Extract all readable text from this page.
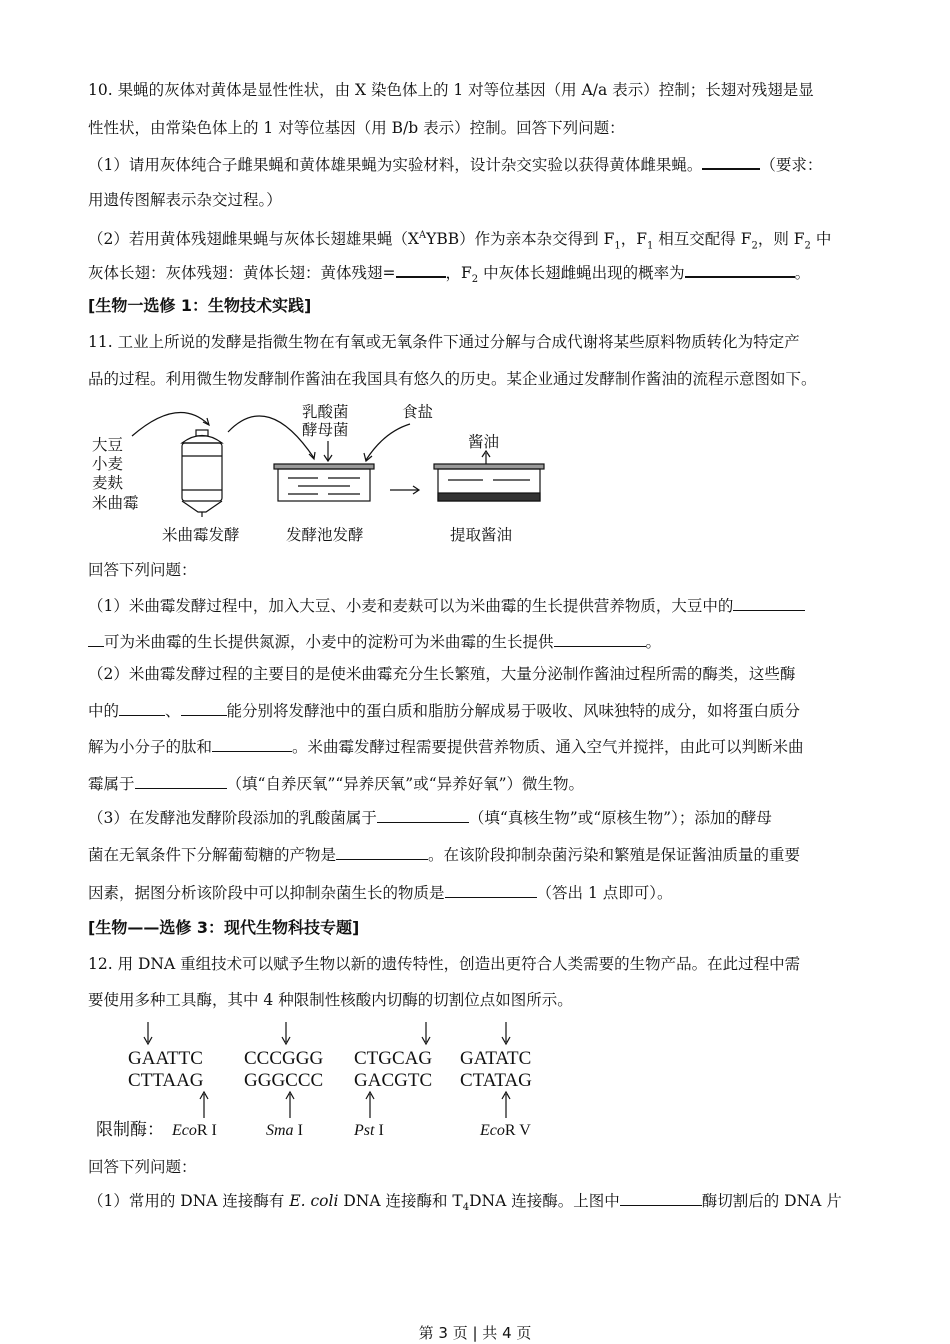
10. 果蝇的灰体对黄体是显性性状，由 X 染色体上的 1 对等位基因（用 A/a 表示）控制；长翅对残翅是显
性性状，由常染色体上的 1 对等位基因（用 B/b 表示）控制。回答下列问题：
（1）请用灰体纯合子雌果蝇和黄体雄果蝇为实验材料，设计杂交实验以获得黄体雌果蝇。	（要求：
用遗传图解表示杂交过程。）
（2）若用黄体残翅雌果蝇与灰体长翅雄果蝇$(X^AYBB)$作为亲本杂交得到 $F_1$，$F_1$ 相互交配得 $F_2$，则 $F_2$ 中
灰体长翅：灰体残翅：黄体长翅：黄体残翅=	，$F_2$ 中灰体长翅雌蝇出现的概率为	。
[生物一选修 1：生物技术实践]
11. 工业上所说的发酵是指微生物在有氧或无氧条件下通过分解与合成代谢将某些原料物质转化为特定产
品的过程。利用微生物发酵制作酱油在我国具有悠久的历史。某企业通过发酵制作酱油的流程示意图如下。
大豆
小麦
麦麸
米曲霉
乳酸菌
酵母菌
食盐
酱油
米曲霉发酵	发酵池发酵	提取酱油
回答下列问题：
（1）米曲霉发酵过程中，加入大豆、小麦和麦麸可以为米曲霉的生长提供营养物质，大豆中的
可为米曲霉的生长提供氮源，小麦中的淀粉可为米曲霉的生长提供	。
（2）米曲霉发酵过程的主要目的是使米曲霉充分生长繁殖，大量分泌制作酱油过程所需的酶类，这些酶
中的	、	能分别将发酵池中的蛋白质和脂肪分解成易于吸收、风味独特的成分，如将蛋白质分
解为小分子的肽和	。米曲霉发酵过程需要提供营养物质、通入空气并搅拌，由此可以判断米曲
霉属于	（填“自养厌氧”“异养厌氧”或“异养好氧”）微生物。
（3）在发酵池发酵阶段添加的乳酸菌属于	（填“真核生物”或“原核生物”）；添加的酵母
菌在无氧条件下分解葡萄糖的产物是	。在该阶段抑制杂菌污染和繁殖是保证酱油质量的重要
因素，据图分析该阶段中可以抑制杂菌生长的物质是	（答出 1 点即可）。
[生物——选修 3：现代生物科技专题]
12. 用 DNA 重组技术可以赋予生物以新的遗传特性，创造出更符合人类需要的生物产品。在此过程中需
要使用多种工具酶，其中 4 种限制性核酸内切酶的切割位点如图所示。
GAATTC CCCGGG CTGCAG GATATC
CTTAAG GGGCCC GACGTC CTATAG
限制酶： EcoR I	Sma I	Pst I	EcoR V
回答下列问题：
（1）常用的 DNA 连接酶有 E. coli DNA 连接酶和 $T_4DNA$ 连接酶。上图中	酶切割后的 DNA 片
第 3 页 | 共 4 页
